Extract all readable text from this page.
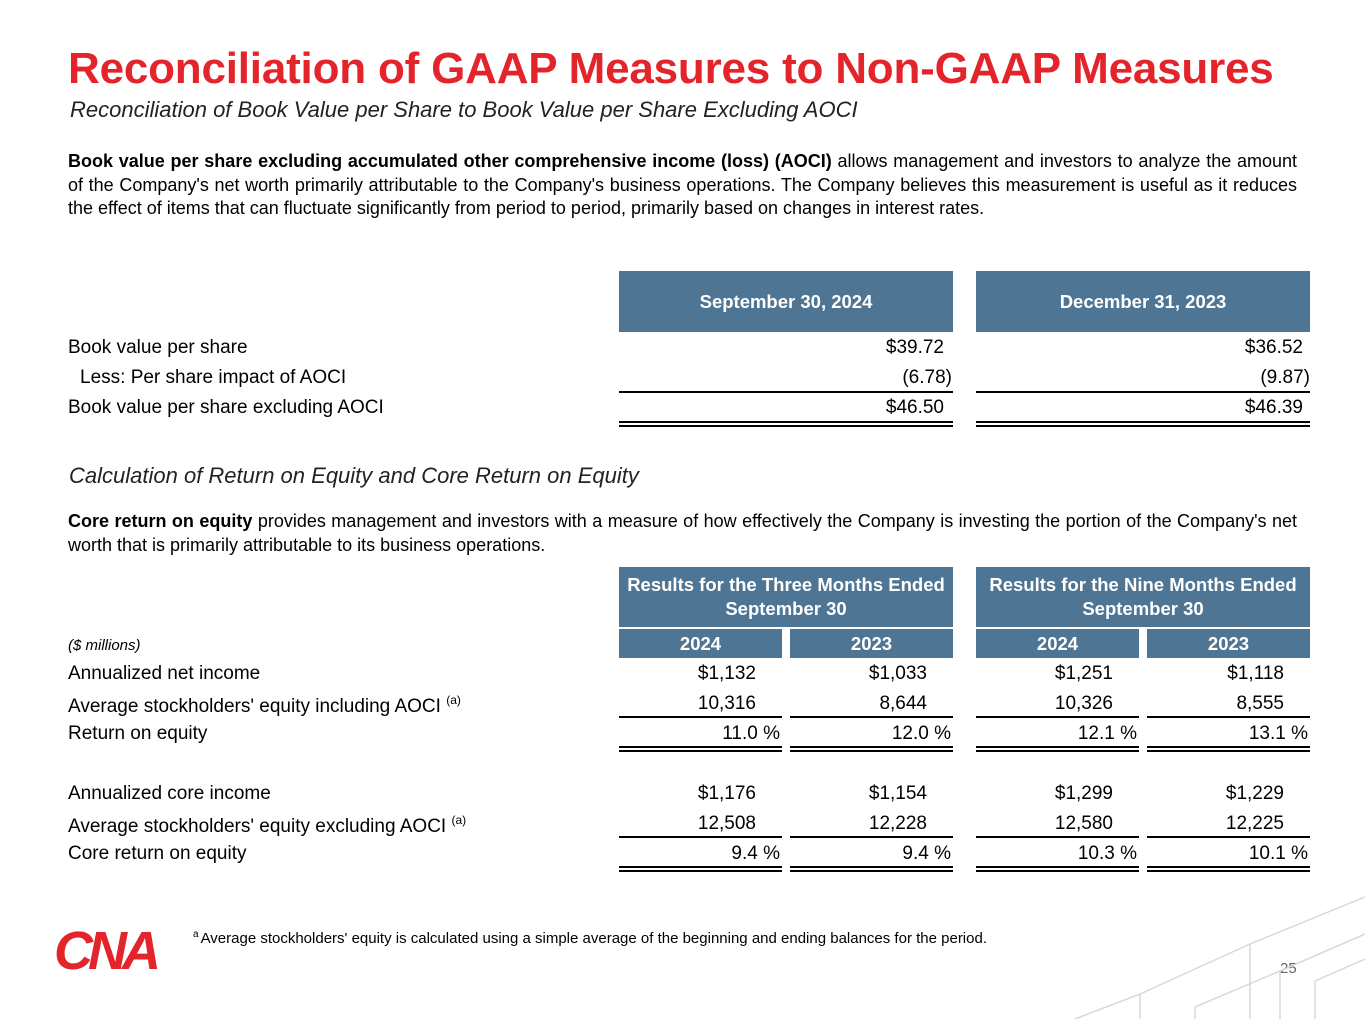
Reconciliation of GAAP Measures to Non-GAAP Measures
Reconciliation of Book Value per Share to Book Value per Share Excluding AOCI
Book value per share excluding accumulated other comprehensive income (loss) (AOCI) allows management and investors to analyze the amount of the Company's net worth primarily attributable to the Company's business operations. The Company believes this measurement is useful as it reduces the effect of items that can fluctuate significantly from period to period, primarily based on changes in interest rates.
September 30, 2024	December 31, 2023
Book value per share	$39.72	$36.52
Less: Per share impact of AOCI	(6.78)	(9.87)
Book value per share excluding AOCI	$46.50	$46.39
Calculation of Return on Equity and Core Return on Equity
Core return on equity provides management and investors with a measure of how effectively the Company is investing the portion of the Company's net worth that is primarily attributable to its business operations.
Results for the Three Months Ended September 30
Results for the Nine Months Ended September 30
2024	2023	2024	2023
($ millions)
Annualized net income	$1,132	$1,033	$1,251	$1,118
Average stockholders' equity including AOCI $^{(a)}$	10,316	8,644	10,326	8,555
Return on equity	11.0 %	12.0 %	12.1 %	13.1 %
Annualized core income	$1,176	$1,154	$1,299	$1,229
Average stockholders' equity excluding AOCI $^{(a)}$	12,508	12,228	12,580	12,225
Core return on equity	9.4 %	9.4 %	10.3 %	10.1 %
CNA	$^a$ Average stockholders' equity is calculated using a simple average of the beginning and ending balances for the period.
25
